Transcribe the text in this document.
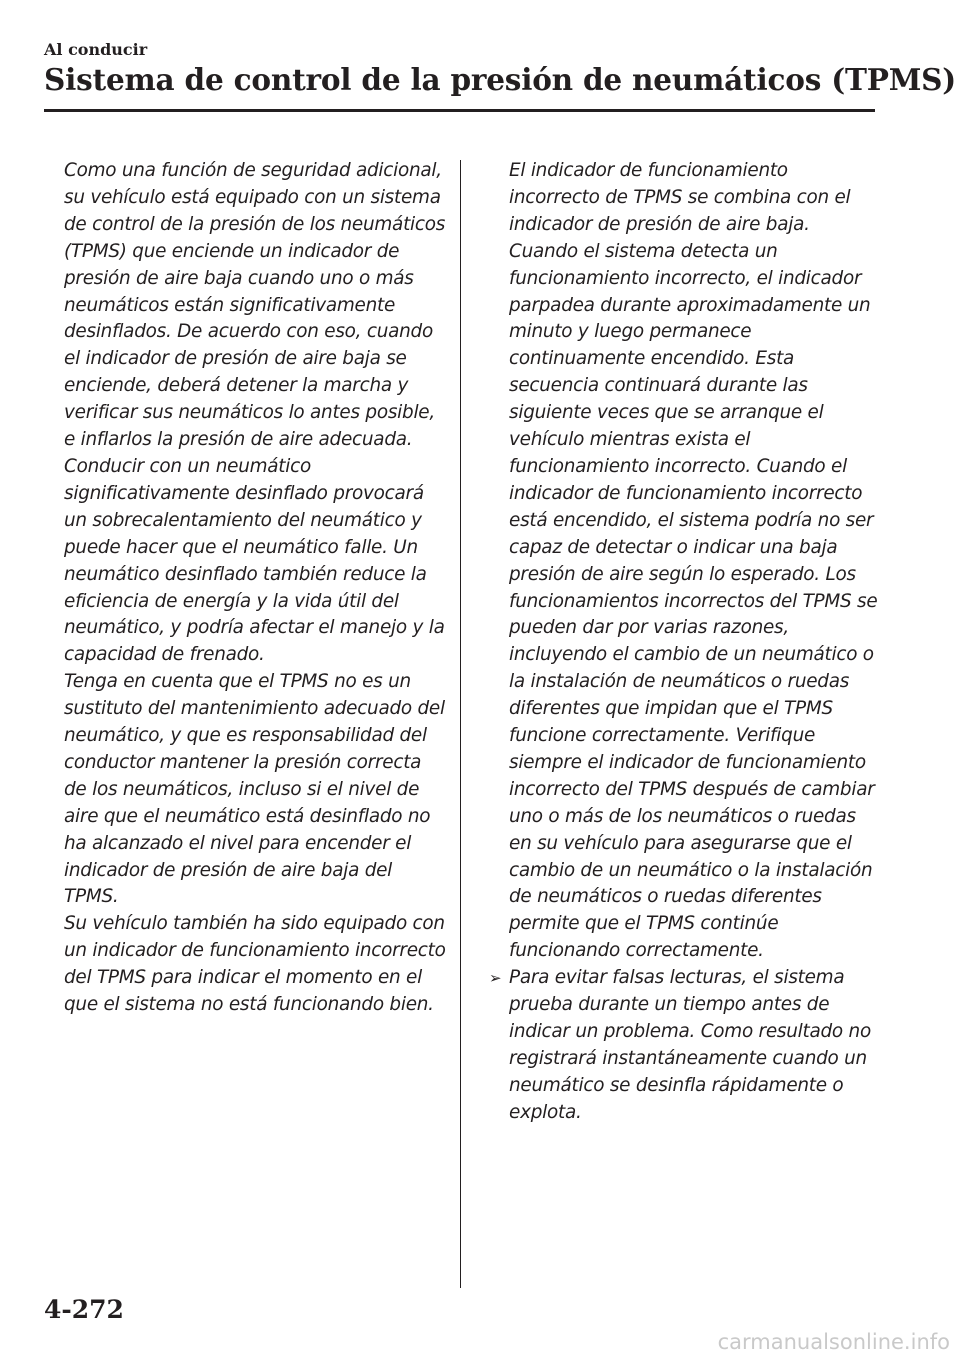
Al conducir
Sistema de control de la presión de neumáticos (TPMS)

Como una función de seguridad adicional, su vehículo está equipado con un sistema de control de la presión de los neumáticos (TPMS) que enciende un indicador de presión de aire baja cuando uno o más neumáticos están significativamente desinflados. De acuerdo con eso, cuando el indicador de presión de aire baja se enciende, deberá detener la marcha y verificar sus neumáticos lo antes posible, e inflarlos la presión de aire adecuada. Conducir con un neumático significativamente desinflado provocará un sobrecalentamiento del neumático y puede hacer que el neumático falle. Un neumático desinflado también reduce la eficiencia de energía y la vida útil del neumático, y podría afectar el manejo y la capacidad de frenado.

Tenga en cuenta que el TPMS no es un sustituto del mantenimiento adecuado del neumático, y que es responsabilidad del conductor mantener la presión correcta de los neumáticos, incluso si el nivel de aire que el neumático está desinflado no ha alcanzado el nivel para encender el indicador de presión de aire baja del TPMS.

Su vehículo también ha sido equipado con un indicador de funcionamiento incorrecto del TPMS para indicar el momento en el que el sistema no está funcionando bien.

El indicador de funcionamiento incorrecto de TPMS se combina con el indicador de presión de aire baja. Cuando el sistema detecta un funcionamiento incorrecto, el indicador parpadea durante aproximadamente un minuto y luego permanece continuamente encendido. Esta secuencia continuará durante las siguiente veces que se arranque el vehículo mientras exista el funcionamiento incorrecto. Cuando el indicador de funcionamiento incorrecto está encendido, el sistema podría no ser capaz de detectar o indicar una baja presión de aire según lo esperado. Los funcionamientos incorrectos del TPMS se pueden dar por varias razones, incluyendo el cambio de un neumático o la instalación de neumáticos o ruedas diferentes que impidan que el TPMS funcione correctamente. Verifique siempre el indicador de funcionamiento incorrecto del TPMS después de cambiar uno o más de los neumáticos o ruedas en su vehículo para asegurarse que el cambio de un neumático o la instalación de neumáticos o ruedas diferentes permite que el TPMS continúe funcionando correctamente.

➢ Para evitar falsas lecturas, el sistema prueba durante un tiempo antes de indicar un problema. Como resultado no registrará instantáneamente cuando un neumático se desinfla rápidamente o explota.

4-272
carmanualsonline.info
